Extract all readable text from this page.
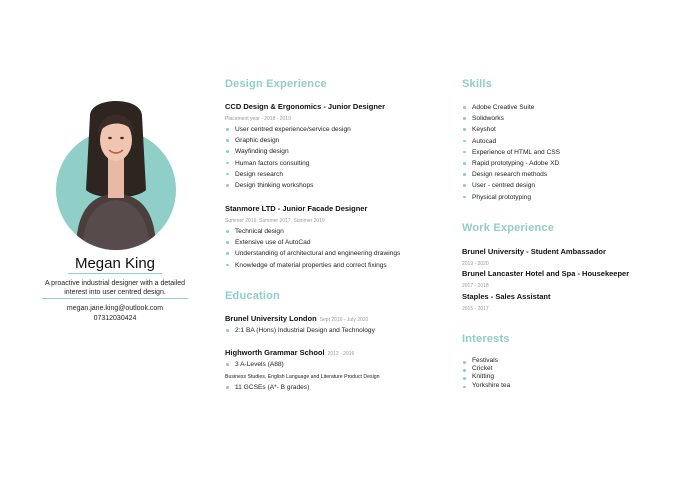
Megan King
A proactive industrial designer with a detailed interest into user centred design.
megan.jane.king@outlook.com
07312030424
Design Experience
CCD Design & Ergonomics - Junior Designer
Placement year - 2018 - 2019
User centred experience/service design
Graphic design
Wayfinding design
Human factors consulting
Design research
Design thinking workshops
Stanmore LTD - Junior Facade Designer
Summer 2016, Summer 2017, Summer 2019
Technical design
Extensive use of AutoCad
Understanding of architectural and engineering drawings
Knowledge of material properties and correct fixings
Education
Brunel University London Sept 2016 - July 2020
2:1 BA (Hons) Industrial Design and Technology
Highworth Grammar School 2012 - 2016
3 A-Levels (A88)
Business Studies, English Language and Literature Product Design
11 GCSEs (A*- B grades)
Skills
Adobe Creative Suite
Solidworks
Keyshot
Autocad
Experience of HTML and CSS
Rapid prototyping - Adobe XD
Design research methods
User - centred design
Physical prototyping
Work Experience
Brunel University - Student Ambassador
2019 - 2020
Brunel Lancaster Hotel and Spa - Housekeeper
2017 - 2018
Staples - Sales Assistant
2015 - 2017
Interests
Festivals
Cricket
Knitting
Yorkshire tea
